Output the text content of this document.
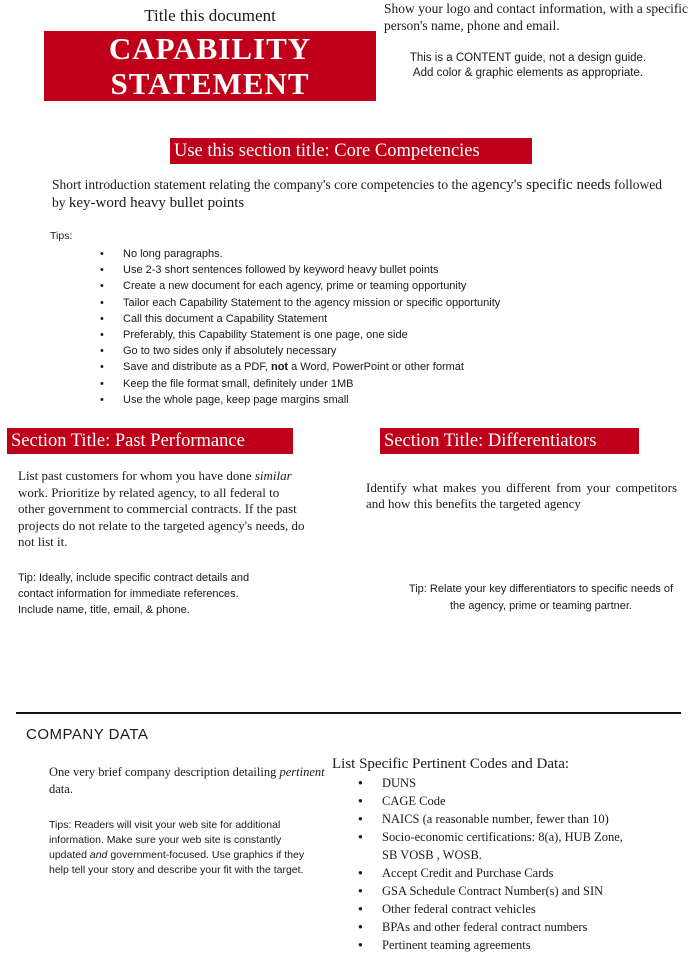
Title this document
CAPABILITY
STATEMENT
Show your logo and contact information, with a specific person's name, phone and email.
This is a CONTENT guide, not a design guide.
Add color & graphic elements as appropriate.
Use this section title: Core Competencies
Short introduction statement relating the company's core competencies to the agency's specific needs followed by key-word heavy bullet points
Tips:
• No long paragraphs.
• Use 2-3 short sentences followed by keyword heavy bullet points
• Create a new document for each agency, prime or teaming opportunity
• Tailor each Capability Statement to the agency mission or specific opportunity
• Call this document a Capability Statement
• Preferably, this Capability Statement is one page, one side
• Go to two sides only if absolutely necessary
• Save and distribute as a PDF, not a Word, PowerPoint or other format
• Keep the file format small, definitely under 1MB
• Use the whole page, keep page margins small
Section Title: Past Performance	Section Title: Differentiators
List past customers for whom you have done similar work. Prioritize by related agency, to all federal to other government to commercial contracts. If the past projects do not relate to the targeted agency's needs, do not list it.
Tip: Ideally, include specific contract details and contact information for immediate references. Include name, title, email, & phone.
Identify what makes you different from your competitors and how this benefits the targeted agency
Tip: Relate your key differentiators to specific needs of the agency, prime or teaming partner.
COMPANY DATA
One very brief company description detailing pertinent data.
Tips: Readers will visit your web site for additional information. Make sure your web site is constantly updated and government-focused. Use graphics if they help tell your story and describe your fit with the target.
List Specific Pertinent Codes and Data:
● DUNS
● CAGE Code
● NAICS (a reasonable number, fewer than 10)
● Socio-economic certifications: 8(a), HUB Zone,
SB VOSB , WOSB.
● Accept Credit and Purchase Cards
● GSA Schedule Contract Number(s) and SIN
● Other federal contract vehicles
● BPAs and other federal contract numbers
● Pertinent teaming agreements
